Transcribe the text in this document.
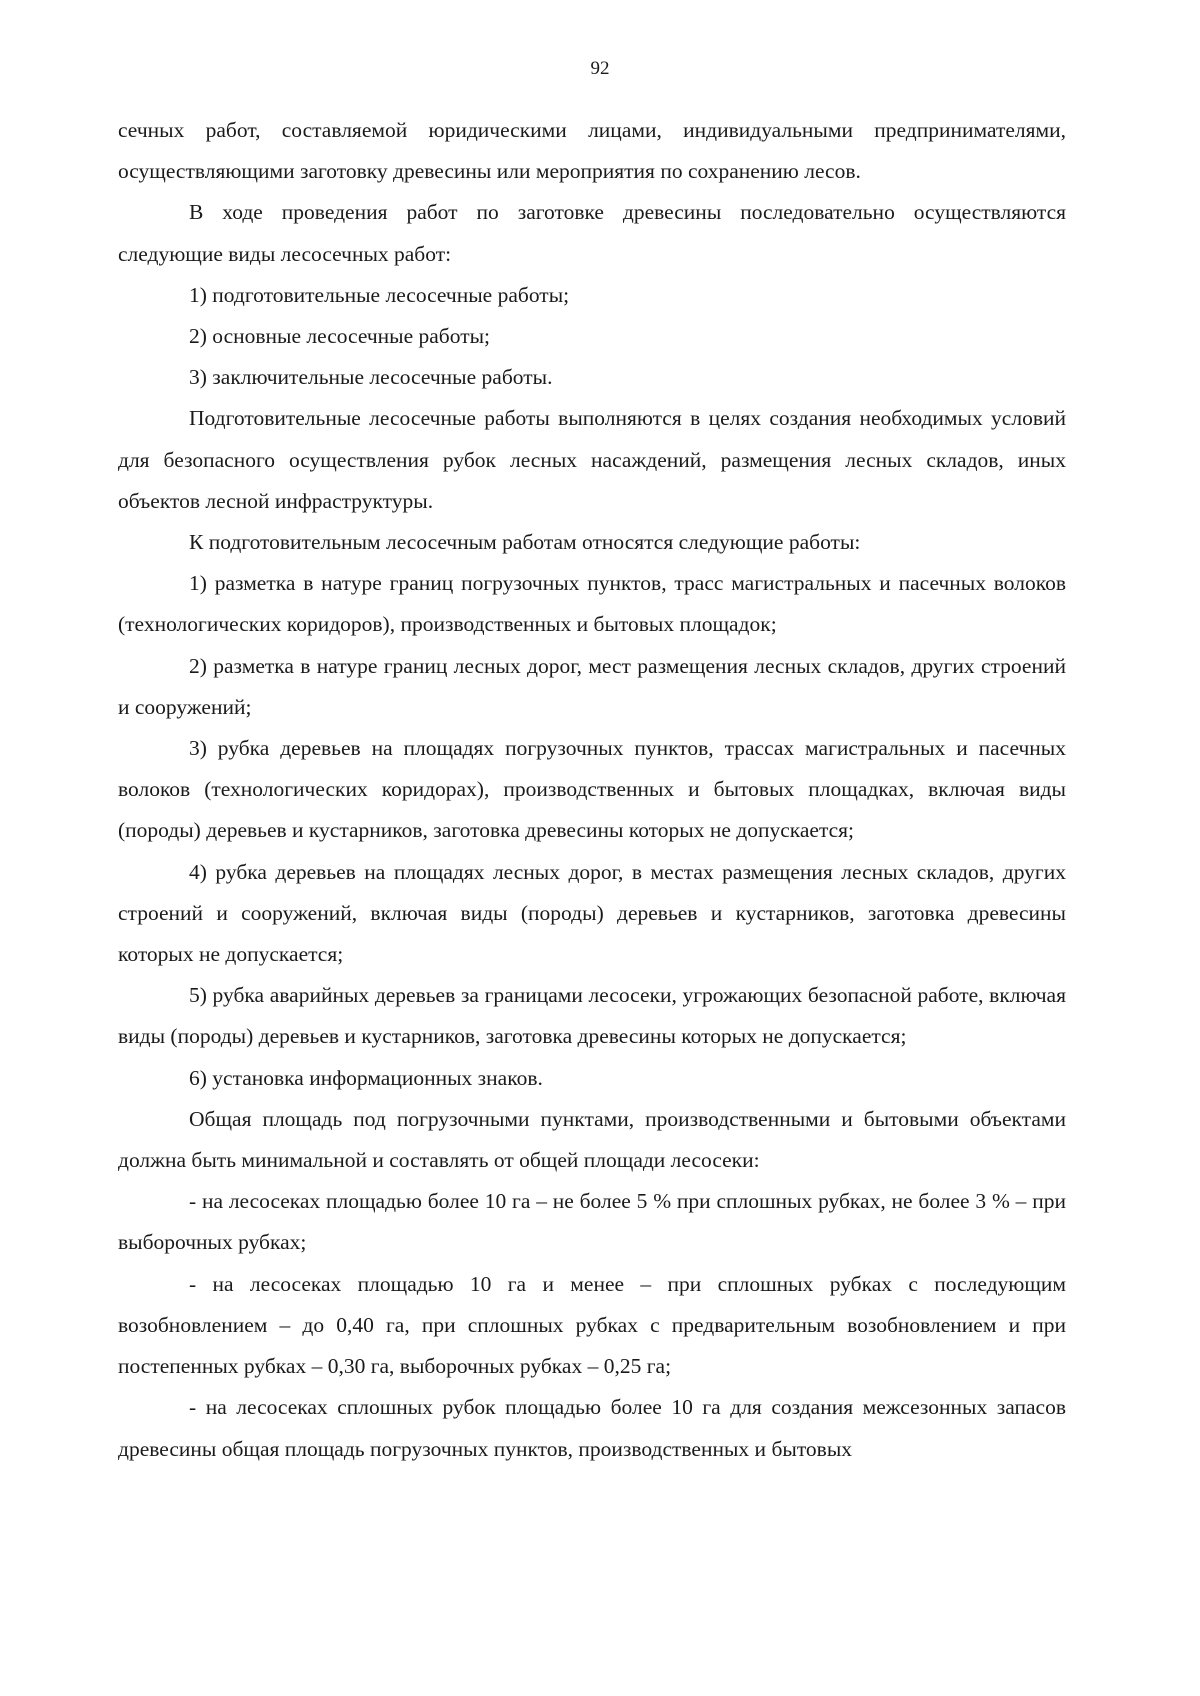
92

сечных работ, составляемой юридическими лицами, индивидуальными предпринимателями, осуществляющими заготовку древесины или мероприятия по сохранению лесов.

В ходе проведения работ по заготовке древесины последовательно осуществляются следующие виды лесосечных работ:

1) подготовительные лесосечные работы;

2) основные лесосечные работы;

3) заключительные лесосечные работы.

Подготовительные лесосечные работы выполняются в целях создания необходимых условий для безопасного осуществления рубок лесных насаждений, размещения лесных складов, иных объектов лесной инфраструктуры.

К подготовительным лесосечным работам относятся следующие работы:

1) разметка в натуре границ погрузочных пунктов, трасс магистральных и пасечных волоков (технологических коридоров), производственных и бытовых площадок;

2) разметка в натуре границ лесных дорог, мест размещения лесных складов, других строений и сооружений;

3) рубка деревьев на площадях погрузочных пунктов, трассах магистральных и пасечных волоков (технологических коридорах), производственных и бытовых площадках, включая виды (породы) деревьев и кустарников, заготовка древесины которых не допускается;

4) рубка деревьев на площадях лесных дорог, в местах размещения лесных складов, других строений и сооружений, включая виды (породы) деревьев и кустарников, заготовка древесины которых не допускается;

5) рубка аварийных деревьев за границами лесосеки, угрожающих безопасной работе, включая виды (породы) деревьев и кустарников, заготовка древесины которых не допускается;

6) установка информационных знаков.

Общая площадь под погрузочными пунктами, производственными и бытовыми объектами должна быть минимальной и составлять от общей площади лесосеки:

- на лесосеках площадью более 10 га – не более 5 % при сплошных рубках, не более 3 % – при выборочных рубках;

- на лесосеках площадью 10 га и менее – при сплошных рубках с последующим возобновлением – до 0,40 га, при сплошных рубках с предварительным возобновлением и при постепенных рубках – 0,30 га, выборочных рубках – 0,25 га;

- на лесосеках сплошных рубок площадью более 10 га для создания межсезонных запасов древесины общая площадь погрузочных пунктов, производственных и бытовых
